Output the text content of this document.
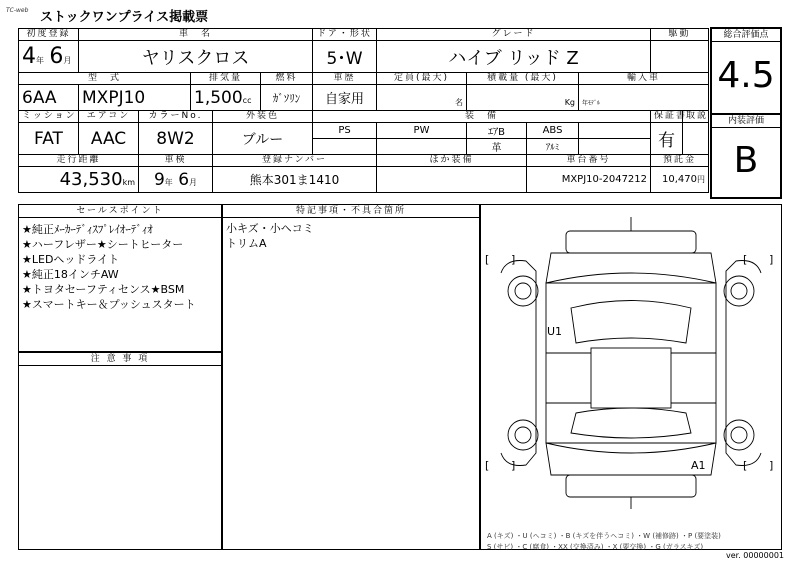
TC-web ストックワンプライス掲載票
初度登録	車　名					ドア・形状	グレード				駆動	
4年 6月	ヤリスクロス					5･W	ハイブ リッド Z					
型　式			排気量		燃料	車歴	定員(最大)	積載量 (最大)		輸入車		
6AA	MXPJ10		1,500cc		ｶﾞｿﾘﾝ	自家用	名	Kg		年ﾓﾃﾞﾙ		
ミッション	エアコン	カラーNo.		外装色		装　備					保証書	取説
FAT	AAC	8W2		ブルー		PS	PW	ｴｱB	ABS		有	
								革	ｱﾙﾐ			
走行距離		車検		登録ナンバー			ほか装備		車台番号		預託金	
43,530km		9年 6月		熊本301ま1410					MXPJ10-2047212		10,470円	
総合評価点
4.5
内装評価
B
セールスポイント
★純正ﾒｰｶｰﾃﾞｨｽﾌﾟﾚｲｵｰﾃﾞｨｵ
★ハーフレザー★シートヒーター
★LEDヘッドライト
★純正18インチAW
★トヨタセーフティセンス★BSM
★スマートキー＆プッシュスタート
注 意 事 項
特記事項・不具合箇所
小キズ・小ヘコミ
トリムA
[ ]	[ ]
[ ]	[ ]
U1
A1
A (キズ) ・U (ヘコミ) ・B (キズを伴うヘコミ) ・W (補修跡) ・P (要塗装)
S (サビ) ・C (腐食) ・XX (交換済み) ・X (要交換) ・G (ガラスキズ)
ver. 00000001
